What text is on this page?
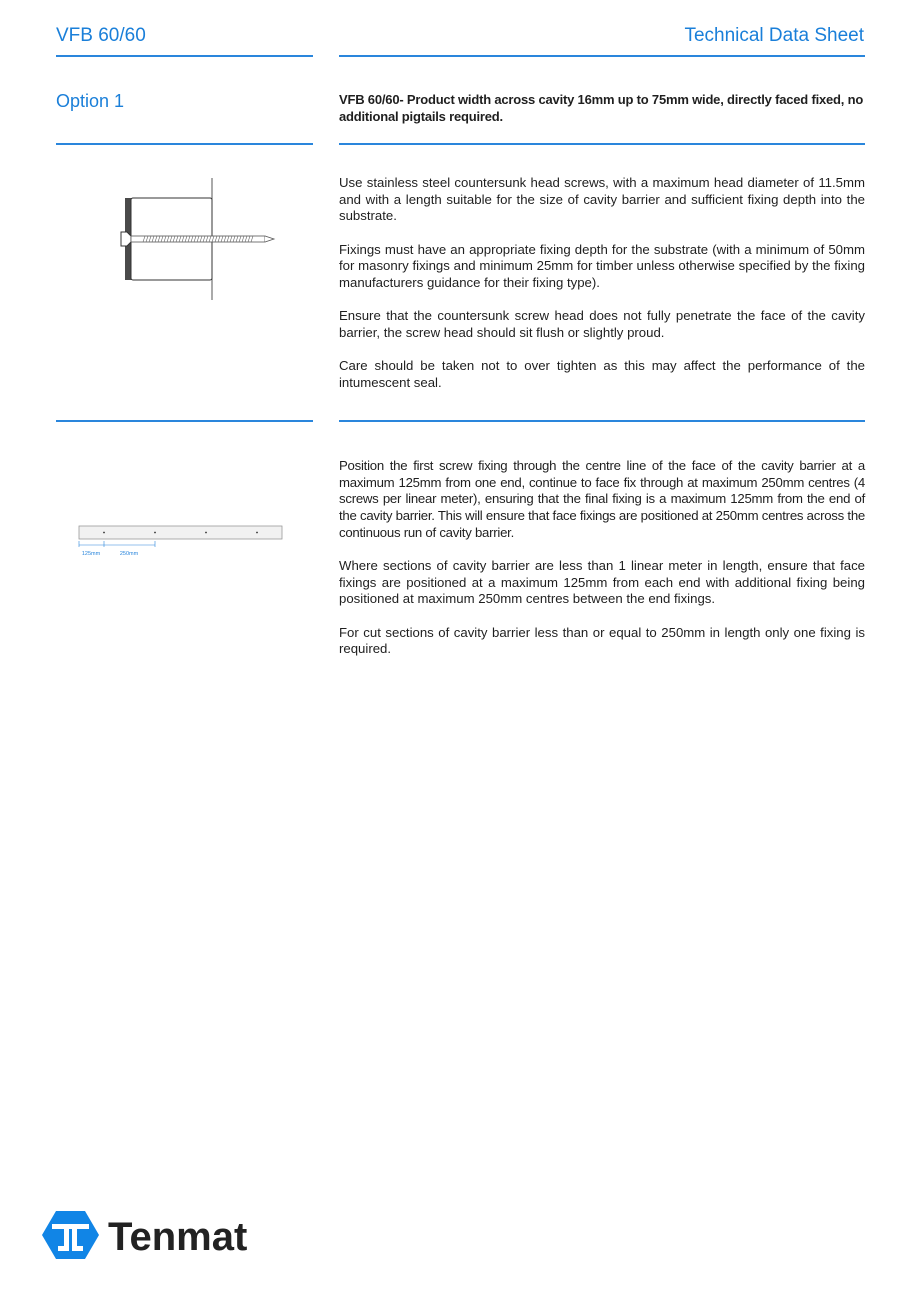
VFB 60/60	Technical Data Sheet
Option 1	VFB 60/60- Product width across cavity 16mm up to 75mm wide, directly faced fixed, no additional pigtails required.

Use stainless steel countersunk head screws, with a maximum head diameter of 11.5mm and with a length suitable for the size of cavity barrier and sufficient fixing depth into the substrate.

Fixings must have an appropriate fixing depth for the substrate (with a minimum of 50mm for masonry fixings and minimum 25mm for timber unless otherwise specified by the fixing manufacturers guidance for their fixing type).

Ensure that the countersunk screw head does not fully penetrate the face of the cavity barrier, the screw head should sit flush or slightly proud.

Care should be taken not to over tighten as this may affect the performance of the intumescent seal.

125mm	250mm

Position the first screw fixing through the centre line of the face of the cavity barrier at a maximum 125mm from one end, continue to face fix through at maximum 250mm centres (4 screws per linear meter), ensuring that the final fixing is a maximum 125mm from the end of the cavity barrier. This will ensure that face fixings are positioned at 250mm centres across the continuous run of cavity barrier.

Where sections of cavity barrier are less than 1 linear meter in length, ensure that face fixings are positioned at a maximum 125mm from each end with additional fixing being positioned at maximum 250mm centres between the end fixings.

For cut sections of cavity barrier less than or equal to 250mm in length only one fixing is required.

Tenmat
